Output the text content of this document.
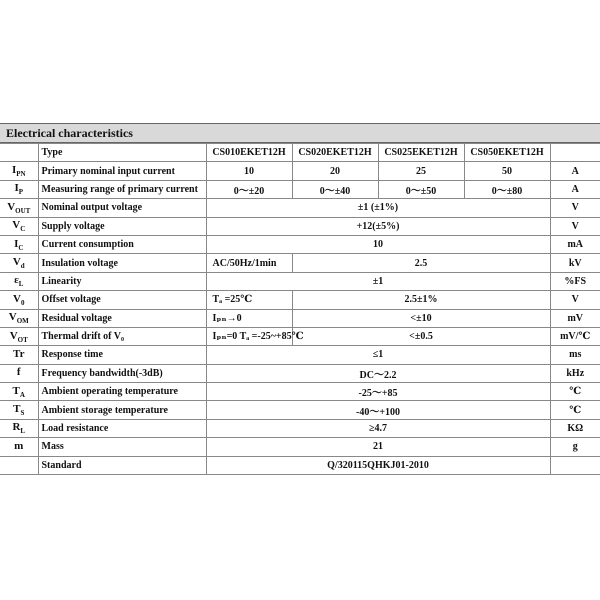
Electrical characteristics
	Type	CS010EKET12H	CS020EKET12H	CS025EKET12H	CS050EKET12H	
$I_{PN}$	Primary nominal input current	10	20	25	50	A
$I_P$	Measuring range of primary current	0～±20	0～±40	0～±50	0～±80	A
$V_{OUT}$	Nominal output voltage	±1 (±1%)				V
$V_C$	Supply voltage	+12(±5%)				V
$I_C$	Current consumption	10				mA
$V_d$	Insulation voltage	AC/50Hz/1min	2.5			kV
$\varepsilon_L$	Linearity	±1				%FS
$V_0$	Offset voltage	Tₐ =25℃	2.5±1%			V
$V_{OM}$	Residual voltage	Iₚₙ→0	<±10			mV
$V_{OT}$	Thermal drift of V₀	Iₚₙ=0 Tₐ =-25~+85℃	<±0.5			mV/℃
Tr	Response time	≤1				ms
f	Frequency bandwidth(-3dB)	DC～2.2				kHz
$T_A$	Ambient operating temperature	-25～+85				℃
$T_S$	Ambient storage temperature	-40～+100				℃
$R_L$	Load resistance	≥4.7				KΩ
m	Mass	21				g
	Standard	Q/320115QHKJ01-2010				
